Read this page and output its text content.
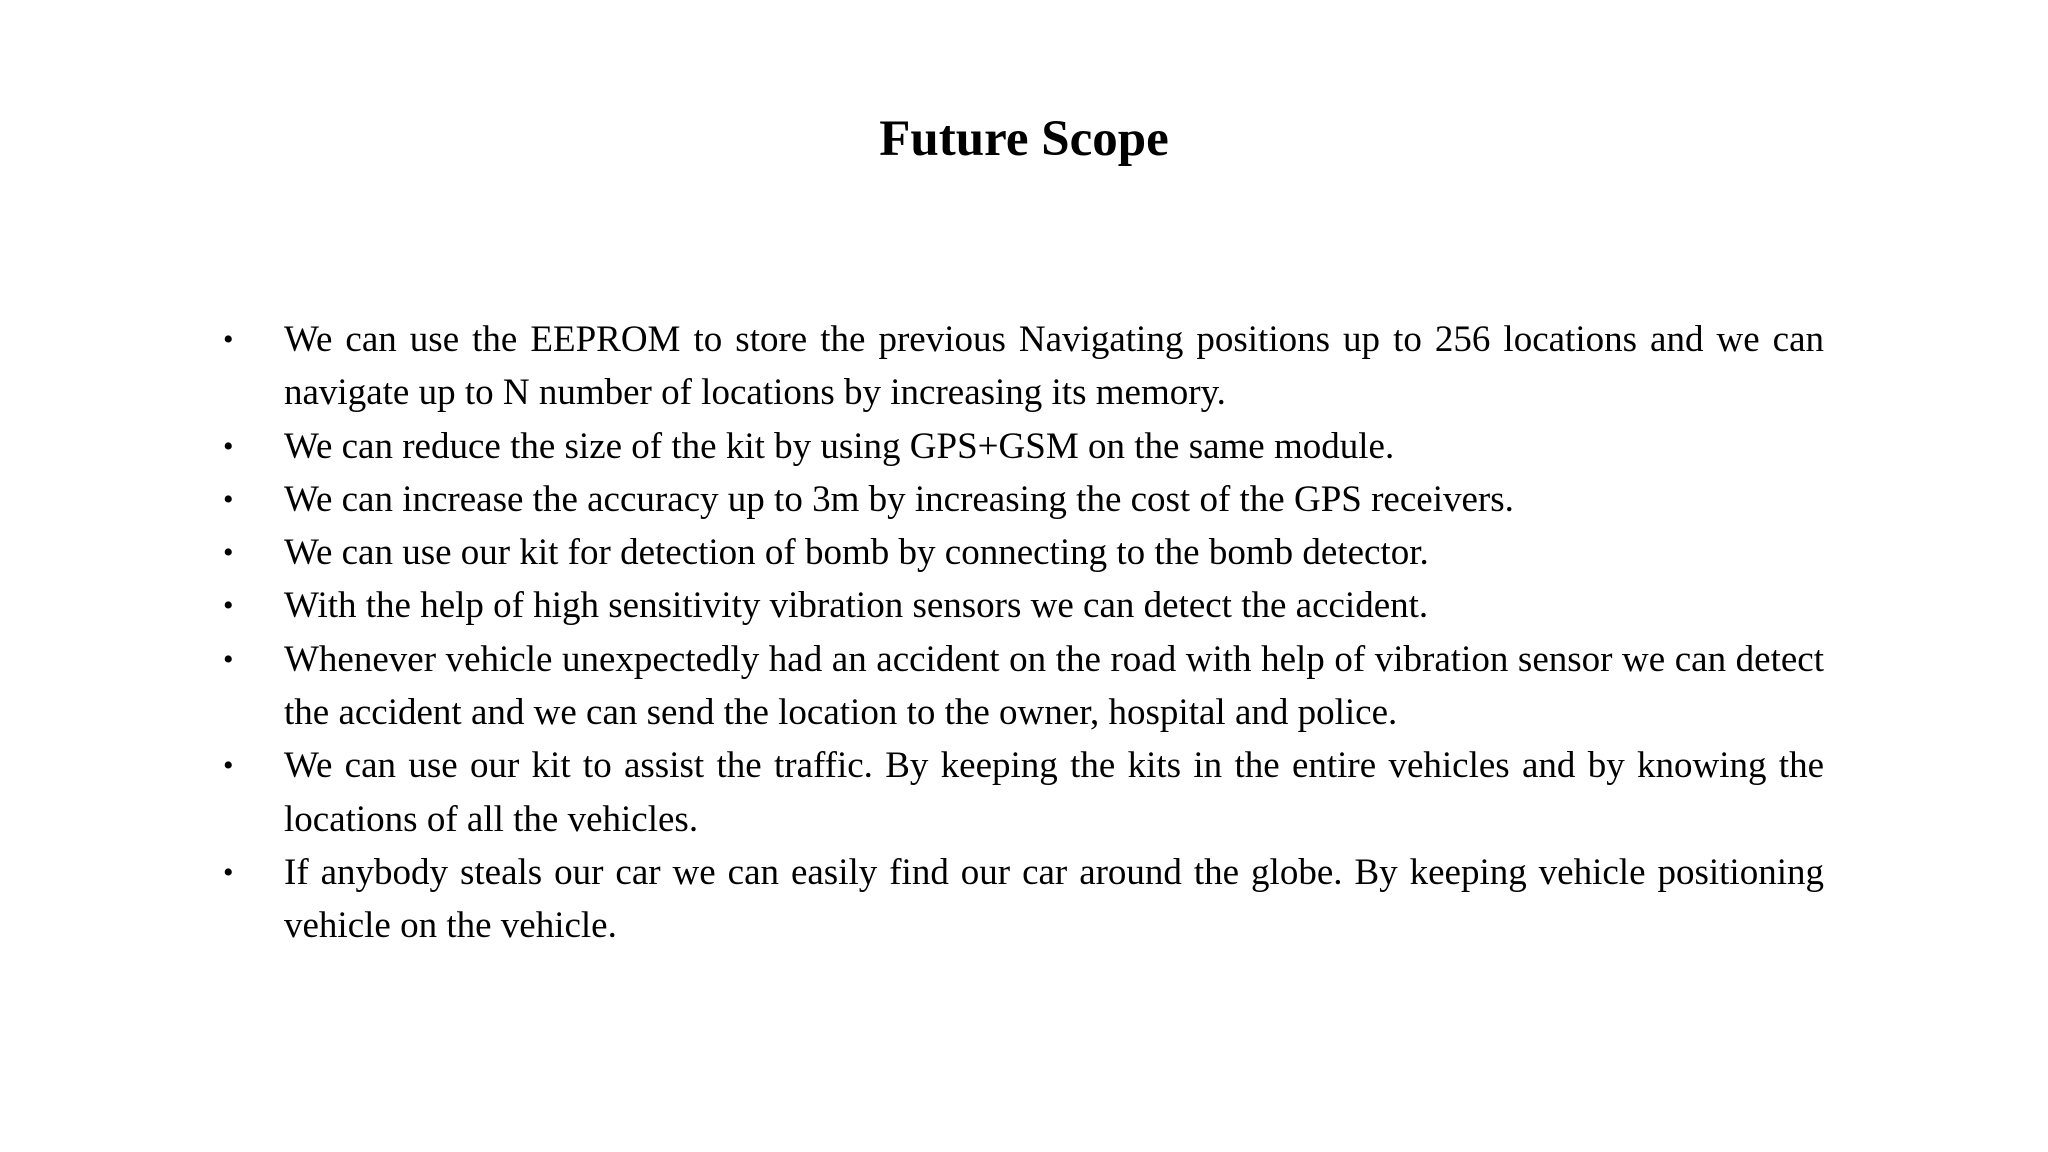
Future Scope
•	We can use the EEPROM to store the previous Navigating positions up to 256 locations and we can navigate up to N number of locations by increasing its memory.
•	We can reduce the size of the kit by using GPS+GSM on the same module.
•	We can increase the accuracy up to 3m by increasing the cost of the GPS receivers.
•	We can use our kit for detection of bomb by connecting to the bomb detector.
•	With the help of high sensitivity vibration sensors we can detect the accident.
•	Whenever vehicle unexpectedly had an accident on the road with help of vibration sensor we can detect the accident and we can send the location to the owner, hospital and police.
•	We can use our kit to assist the traffic. By keeping the kits in the entire vehicles and by knowing the locations of all the vehicles.
•	If anybody steals our car we can easily find our car around the globe. By keeping vehicle positioning vehicle on the vehicle.
